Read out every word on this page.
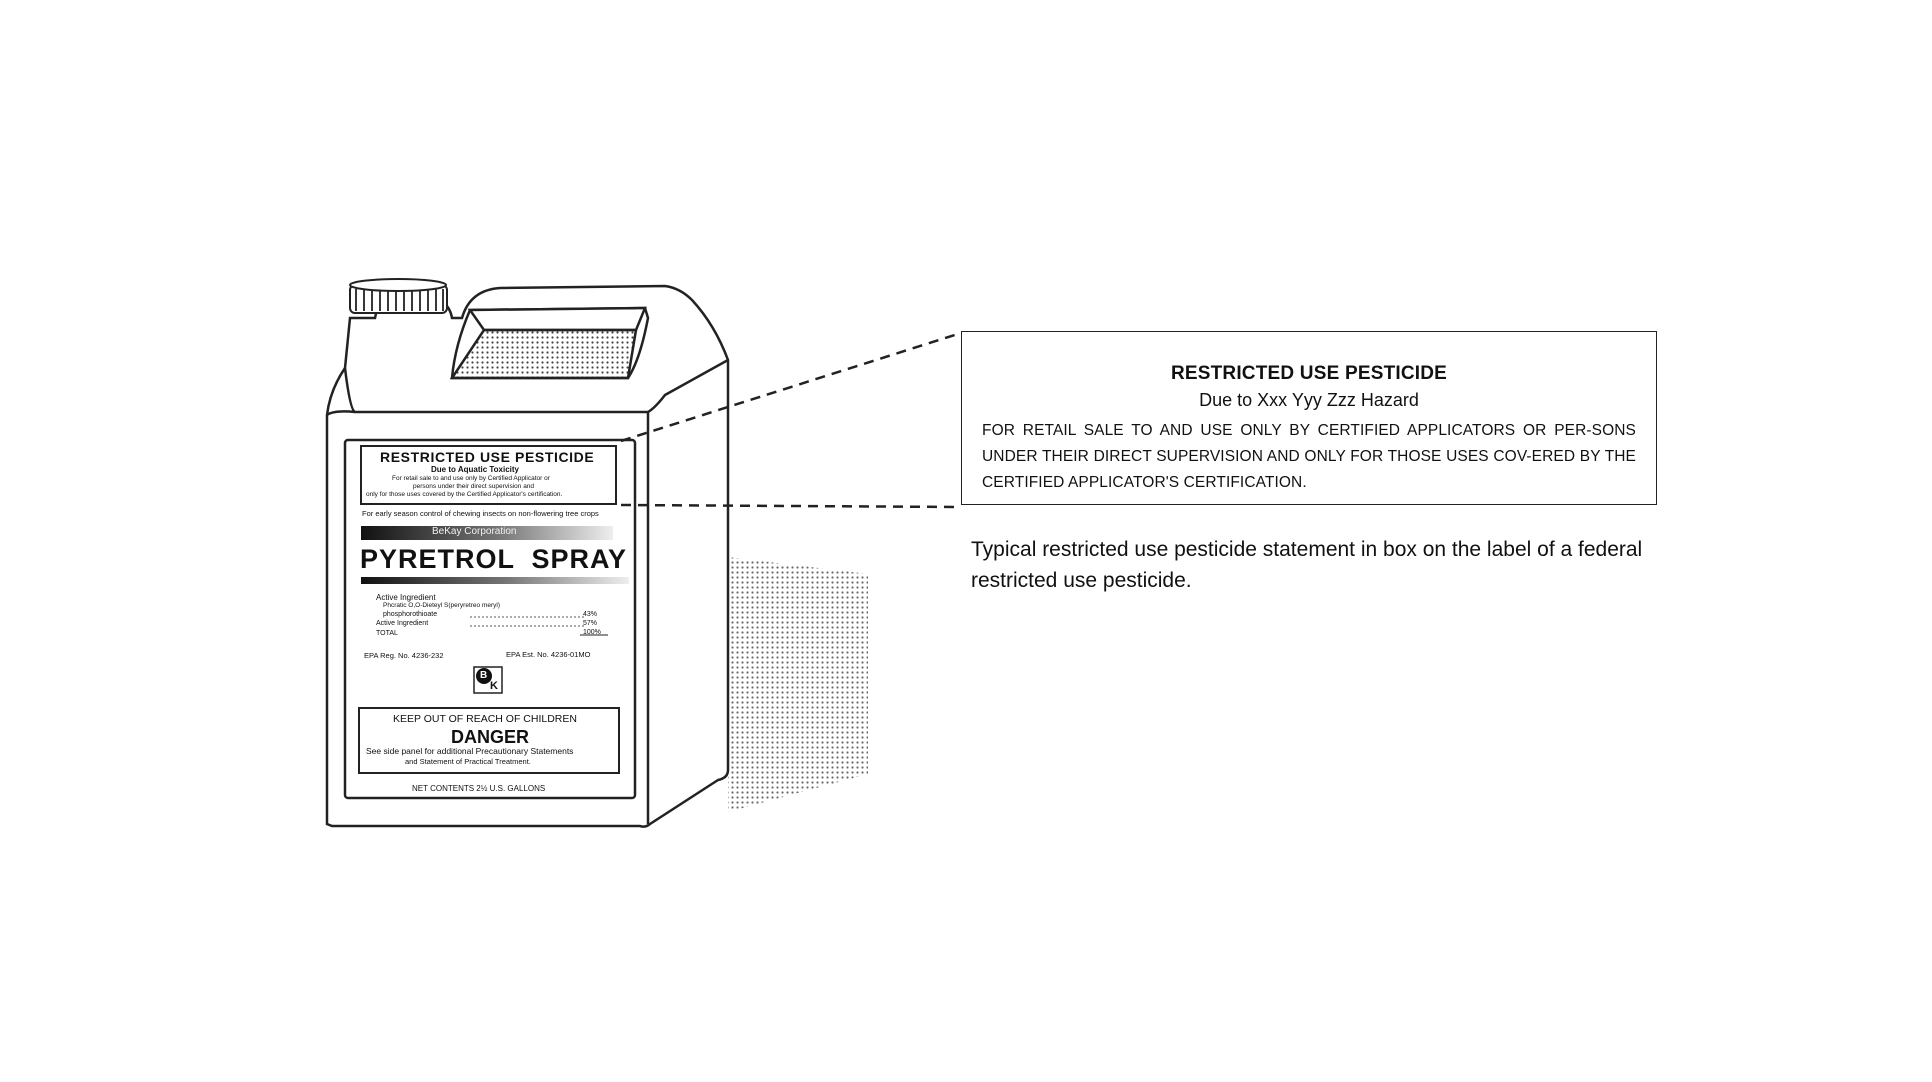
RESTRICTED USE PESTICIDE
Due to Aquatic Toxicity
For retail sale to and use only by Certified Applicator or
persons under their direct supervision and
only for those uses covered by the Certified Applicator's certification.
For early season control of chewing insects on non-flowering tree crops
BeKay Corporation
PYRETROL  SPRAY
Active Ingredient
Phcratic O,O-Dieteyl S(peryretreo meryl)
phosphorothioate	43%
Active Ingredient	57%
TOTAL	100%
EPA Reg. No. 4236-232	EPA Est. No. 4236-01MO
B
K
KEEP OUT OF REACH OF CHILDREN
DANGER
See side panel for additional Precautionary Statements
and Statement of Practical Treatment.
NET CONTENTS 2½ U.S. GALLONS
RESTRICTED USE PESTICIDE
Due to Xxx Yyy Zzz Hazard
FOR RETAIL SALE TO AND USE ONLY BY CERTIFIED APPLICATORS OR PER-SONS UNDER THEIR DIRECT SUPERVISION AND ONLY FOR THOSE USES COV-ERED BY THE CERTIFIED APPLICATOR'S CERTIFICATION.
Typical restricted use pesticide statement in box on the label of a federal restricted use pesticide.
